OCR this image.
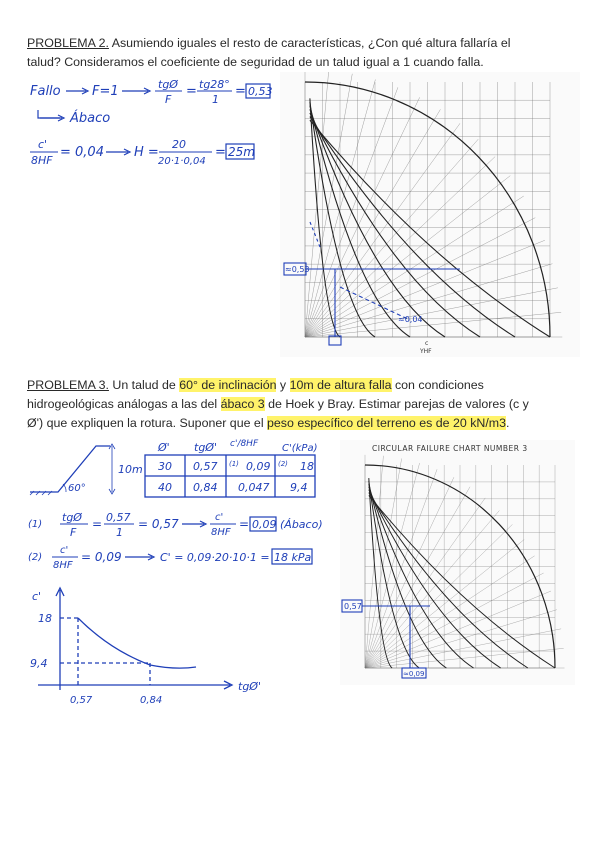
PROBLEMA 2. Asumiendo iguales el resto de características, ¿Con qué altura fallaría el
talud? Consideramos el coeficiente de seguridad de un talud igual a 1 cuando falla.
Fallo F=1	tgØ
F
= tg28°
1
= 0,53
Ábaco
c'
8HF
= 0,04 H =
20
20·1·0,04
= 25m
≈0,53
≈0,04
c
YHF
PROBLEMA 3. Un talud de 60° de inclinación y 10m de altura falla con condiciones
hidrogeológicas análogas a las del ábaco 3 de Hoek y Bray. Estimar parejas de valores (c y
Ø') que expliquen la rotura. Suponer que el peso específico del terreno es de 20 kN/m3.
10m
60°
Ø' tgØ' c'/8HF C'(kPa)
30 0,57 (1) 0,09 (2) 18
40 0,84 0,047 9,4
(1)
tgØ
F
= 0,57
1
= 0,57	c'
8HF
= 0,09 (Ábaco)
(2)
c'
8HF
= 0,09	C' = 0,09·20·10·1 = 18 kPa
c'
tgØ'
18
9,4
0,57	0,84
CIRCULAR FAILURE CHART NUMBER 3
0,57
≈0,09
